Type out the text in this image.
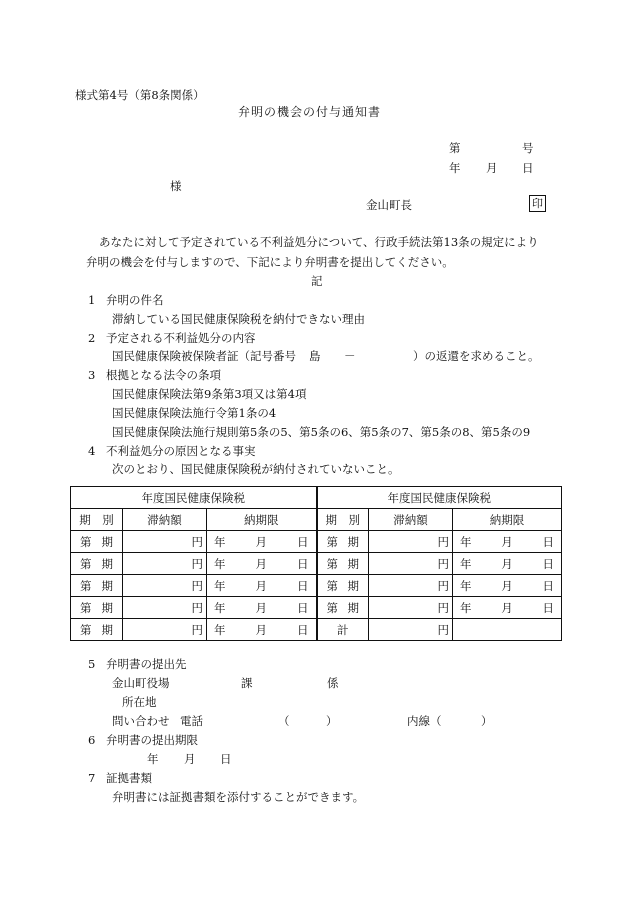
様式第4号（第8条関係）
弁明の機会の付与通知書
第	号
年 月 日
様
金山町長	印
あなたに対して予定されている不利益処分について、行政手続法第13条の規定により
弁明の機会を付与しますので、下記により弁明書を提出してください。
記
1 弁明の件名
滞納している国民健康保険税を納付できない理由
2 予定される不利益処分の内容
国民健康保険被保険者証（記号番号 島 －	）の返還を求めること。
3 根拠となる法令の条項
国民健康保険法第9条第3項又は第4項
国民健康保険法施行令第1条の4
国民健康保険法施行規則第5条の5、第5条の6、第5条の7、第5条の8、第5条の9
4 不利益処分の原因となる事実
次のとおり、国民健康保険税が納付されていないこと。
年度国民健康保険税			年度国民健康保険税		
期　別	滞納額	納期限	期　別	滞納額	納期限

第 期	円	年 月 日	第 期	円	年 月 日

第 期	円	年 月 日	第 期	円	年 月 日

第 期	円	年 月 日	第 期	円	年 月 日

第 期	円	年 月 日	第 期	円	年 月 日

第 期	円	年 月 日	計	円	
5 弁明書の提出先
金山町役場	課	係
所在地
問い合わせ 電話	（	）	内線（	）
6 弁明書の提出期限
年 月 日
7 証拠書類
弁明書には証拠書類を添付することができます。
